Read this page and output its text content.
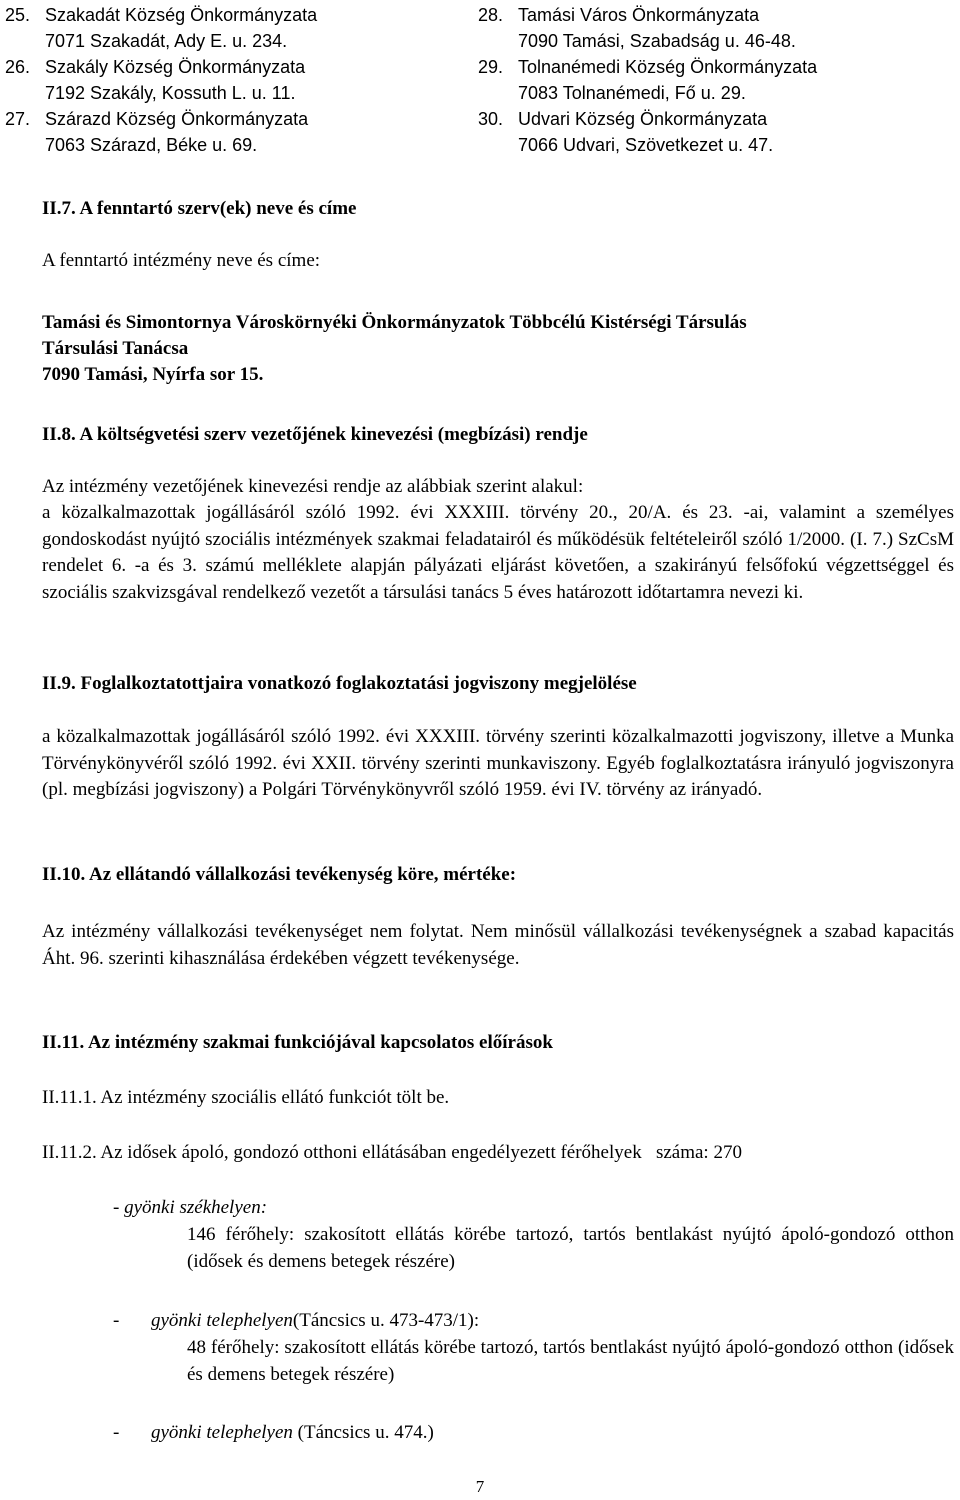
25. Szakadát Község Önkormányzata
7071 Szakadát, Ady E. u. 234.
26. Szakály Község Önkormányzata
7192 Szakály, Kossuth L. u. 11.
27. Szárazd Község Önkormányzata
7063 Szárazd, Béke u. 69.
28. Tamási Város Önkormányzata
7090 Tamási, Szabadság u. 46-48.
29. Tolnanémedi Község Önkormányzata
7083 Tolnanémedi, Fő u. 29.
30. Udvari Község Önkormányzata
7066 Udvari, Szövetkezet u. 47.
II.7. A fenntartó szerv(ek) neve és címe
A fenntartó intézmény neve és címe:
Tamási és Simontornya Városkörnyéki Önkormányzatok Többcélú Kistérségi Társulás
Társulási Tanácsa
7090 Tamási, Nyírfa sor 15.
II.8. A költségvetési szerv vezetőjének kinevezési (megbízási) rendje
Az intézmény vezetőjének kinevezési rendje az alábbiak szerint alakul:

a közalkalmazottak jogállásáról szóló 1992. évi XXXIII. törvény 20., 20/A. és 23. -ai, valamint a személyes gondoskodást nyújtó szociális intézmények szakmai feladatairól és működésük feltételeiről szóló 1/2000. (I. 7.) SzCsM rendelet 6. -a és 3. számú melléklete alapján pályázati eljárást követően, a szakirányú felsőfokú végzettséggel és szociális szakvizsgával rendelkező vezetőt a társulási tanács 5 éves határozott időtartamra nevezi ki.

II.9. Foglalkoztatottjaira vonatkozó foglakoztatási jogviszony megjelölése

a közalkalmazottak jogállásáról szóló 1992. évi XXXIII. törvény szerinti közalkalmazotti jogviszony, illetve a Munka Törvénykönyvéről szóló 1992. évi XXII. törvény szerinti munkaviszony. Egyéb foglalkoztatásra irányuló jogviszonyra (pl. megbízási jogviszony) a Polgári Törvénykönyvről szóló 1959. évi IV. törvény az irányadó.

II.10. Az ellátandó vállalkozási tevékenység köre, mértéke:

Az intézmény vállalkozási tevékenységet nem folytat. Nem minősül vállalkozási tevékenységnek a szabad kapacitás Áht. 96. szerinti kihasználása érdekében végzett tevékenysége.

II.11. Az intézmény szakmai funkciójával kapcsolatos előírások
II.11.1. Az intézmény szociális ellátó funkciót tölt be.
II.11.2. Az idősek ápoló, gondozó otthoni ellátásában engedélyezett férőhelyek   száma: 270
- gyönki székhelyen:

146 férőhely: szakosított ellátás körébe tartozó, tartós bentlakást nyújtó ápoló-gondozó otthon (idősek és demens betegek részére)

- gyönki telephelyen(Táncsics u. 473-473/1):

48 férőhely: szakosított ellátás körébe tartozó, tartós bentlakást nyújtó ápoló-gondozó otthon (idősek és demens betegek részére)

- gyönki telephelyen (Táncsics u. 474.)
7
